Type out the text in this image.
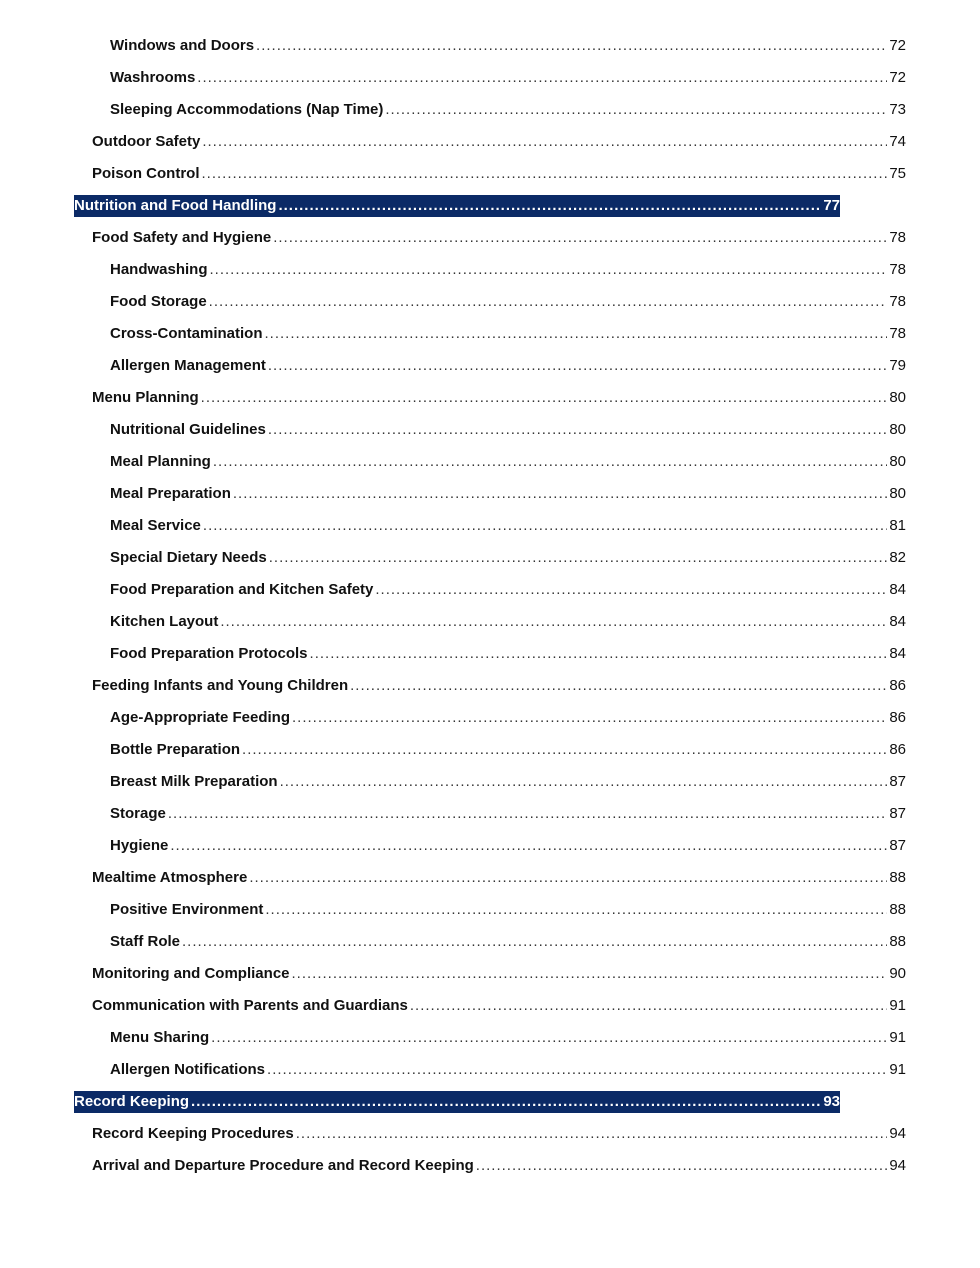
Windows and Doors .....	72
Washrooms .....	72
Sleeping Accommodations (Nap Time) .....	73
Outdoor Safety .....	74
Poison Control .....	75
Nutrition and Food Handling .....	77
Food Safety and Hygiene .....	78
Handwashing .....	78
Food Storage .....	78
Cross-Contamination .....	78
Allergen Management .....	79
Menu Planning .....	80
Nutritional Guidelines .....	80
Meal Planning .....	80
Meal Preparation .....	80
Meal Service .....	81
Special Dietary Needs .....	82
Food Preparation and Kitchen Safety .....	84
Kitchen Layout .....	84
Food Preparation Protocols .....	84
Feeding Infants and Young Children .....	86
Age-Appropriate Feeding .....	86
Bottle Preparation .....	86
Breast Milk Preparation .....	87
Storage .....	87
Hygiene .....	87
Mealtime Atmosphere .....	88
Positive Environment .....	88
Staff Role .....	88
Monitoring and Compliance .....	90
Communication with Parents and Guardians .....	91
Menu Sharing .....	91
Allergen Notifications .....	91
Record Keeping .....	93
Record Keeping Procedures .....	94
Arrival and Departure Procedure and Record Keeping .....	94
